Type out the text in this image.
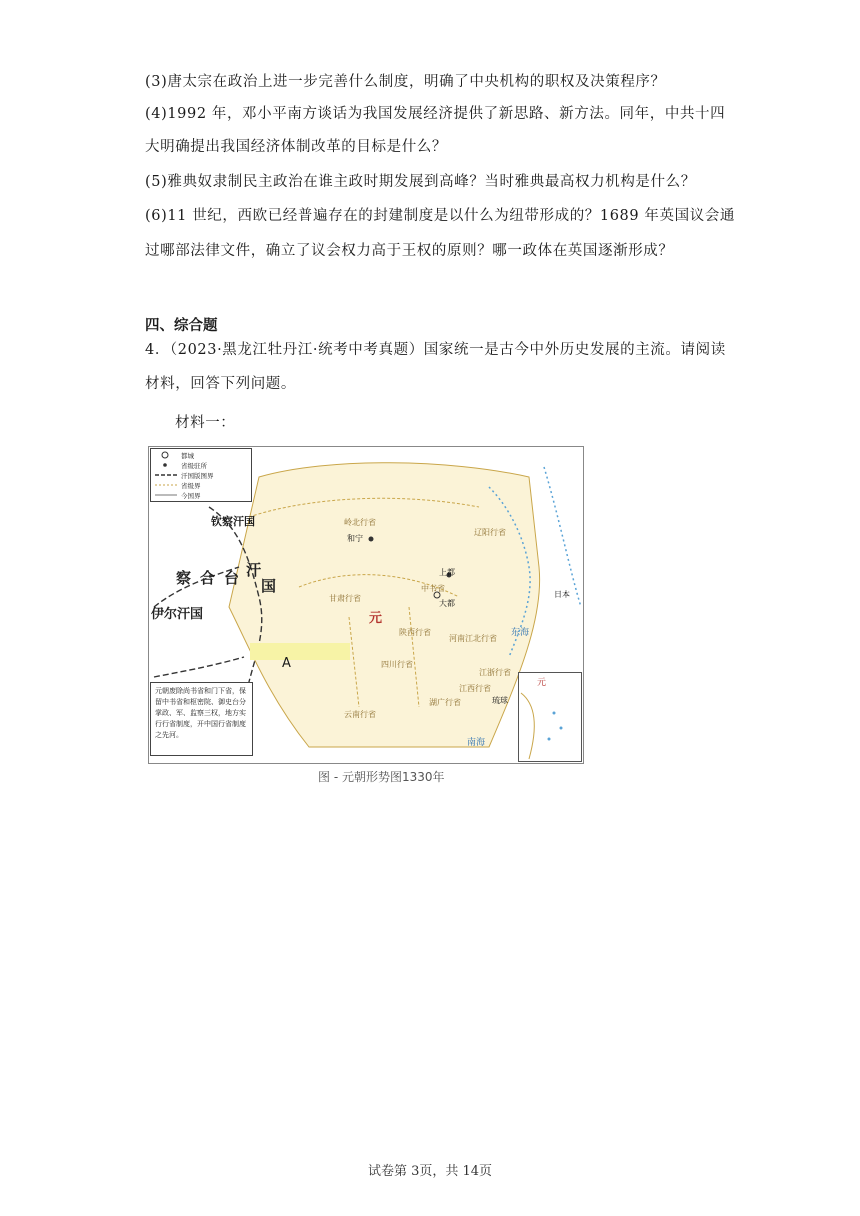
(3)唐太宗在政治上进一步完善什么制度，明确了中央机构的职权及决策程序？
(4)1992 年，邓小平南方谈话为我国发展经济提供了新思路、新方法。同年，中共十四
大明确提出我国经济体制改革的目标是什么？
(5)雅典奴隶制民主政治在谁主政时期发展到高峰？当时雅典最高权力机构是什么？
(6)11 世纪，西欧已经普遍存在的封建制度是以什么为纽带形成的？1689 年英国议会通
过哪部法律文件，确立了议会权力高于王权的原则？哪一政体在英国逐渐形成？
四、综合题
4．（2023·黑龙江牡丹江·统考中考真题）国家统一是古今中外历史发展的主流。请阅读
材料，回答下列问题。
材料一：
察 合 台 汗
国
钦察汗国
伊尔汗国	元
和宁
上都
大都
岭北行省
甘肃行省
陕西行省
四川行省
河南江北行省
江浙行省
江西行省
湖广行省
云南行省
辽阳行省
中书省
琉球
日本
东海
南海
都城
省级驻所
汗国版图界
省级界
今国界
A
元朝废除尚书省和门下省，保留中书省和枢密院、御史台分掌政、军、监察三权，地方实行行省制度，开中国行省制度之先河。
元
图 - 元朝形势图1330年
试卷第 3页，共 14页
